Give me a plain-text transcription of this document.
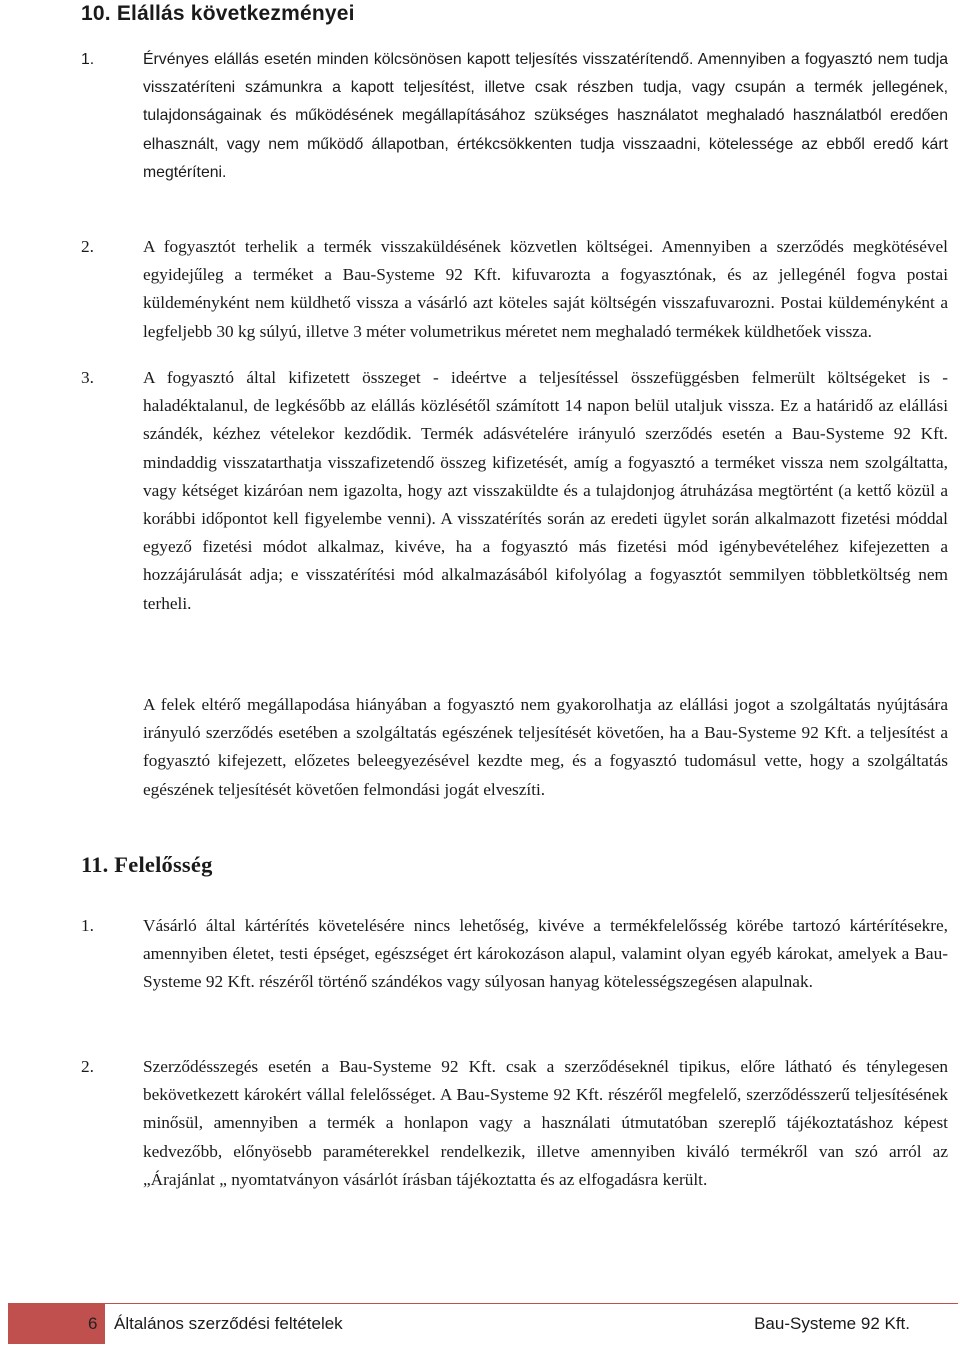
10. Elállás következményei
1.	Érvényes elállás esetén minden kölcsönösen kapott teljesítés visszatérítendő. Amennyiben a fogyasztó nem tudja visszatéríteni számunkra a kapott teljesítést, illetve csak részben tudja, vagy csupán a termék jellegének, tulajdonságainak és működésének megállapításához szükséges használatot meghaladó használatból eredően elhasznált, vagy nem működő állapotban, értékcsökkenten tudja visszaadni, kötelessége az ebből eredő kárt megtéríteni.

2.	A fogyasztót terhelik a termék visszaküldésének közvetlen költségei. Amennyiben a szerződés megkötésével egyidejűleg a terméket a Bau-Systeme 92 Kft. kifuvarozta a fogyasztónak, és az jellegénél fogva postai küldeményként nem küldhető vissza a vásárló azt köteles saját költségén visszafuvarozni. Postai küldeményként a legfeljebb 30 kg súlyú, illetve 3 méter volumetrikus méretet nem meghaladó termékek küldhetőek vissza.

3.	A fogyasztó által kifizetett összeget - ideértve a teljesítéssel összefüggésben felmerült költségeket is -haladéktalanul, de legkésőbb az elállás közlésétől számított 14 napon belül utaljuk vissza. Ez a határidő az elállási szándék, kézhez vételekor kezdődik. Termék adásvételére irányuló szerződés esetén a Bau-Systeme 92 Kft. mindaddig visszatarthatja visszafizetendő összeg kifizetését, amíg a fogyasztó a terméket vissza nem szolgáltatta, vagy kétséget kizáróan nem igazolta, hogy azt visszaküldte és a tulajdonjog átruházása megtörtént (a kettő közül a korábbi időpontot kell figyelembe venni). A visszatérítés során az eredeti ügylet során alkalmazott fizetési móddal egyező fizetési módot alkalmaz, kivéve, ha a fogyasztó más fizetési mód igénybevételéhez kifejezetten a hozzájárulását adja; e visszatérítési mód alkalmazásából kifolyólag a fogyasztót semmilyen többletköltség nem terheli.

A felek eltérő megállapodása hiányában a fogyasztó nem gyakorolhatja az elállási jogot a szolgáltatás nyújtására irányuló szerződés esetében a szolgáltatás egészének teljesítését követően, ha a Bau-Systeme 92 Kft. a teljesítést a fogyasztó kifejezett, előzetes beleegyezésével kezdte meg, és a fogyasztó tudomásul vette, hogy a szolgáltatás egészének teljesítését követően felmondási jogát elveszíti.

11. Felelősség
1.	Vásárló által kártérítés követelésére nincs lehetőség, kivéve a termékfelelősség körébe tartozó kártérítésekre, amennyiben életet, testi épséget, egészséget ért károkozáson alapul, valamint olyan egyéb károkat, amelyek a Bau-Systeme 92 Kft. részéről történő szándékos vagy súlyosan hanyag kötelességszegésen alapulnak.

2.	Szerződésszegés esetén a Bau-Systeme 92 Kft. csak a szerződéseknél tipikus, előre látható és ténylegesen bekövetkezett károkért vállal felelősséget. A Bau-Systeme 92 Kft. részéről megfelelő, szerződésszerű teljesítésének minősül, amennyiben a termék a honlapon vagy a használati útmutatóban szereplő tájékoztatáshoz képest kedvezőbb, előnyösebb paraméterekkel rendelkezik, illetve amennyiben kiváló termékről van szó arról az „Árajánlat „ nyomtatványon vásárlót írásban tájékoztatta és az elfogadásra került.

6 Általános szerződési feltételek	Bau-Systeme 92 Kft.
